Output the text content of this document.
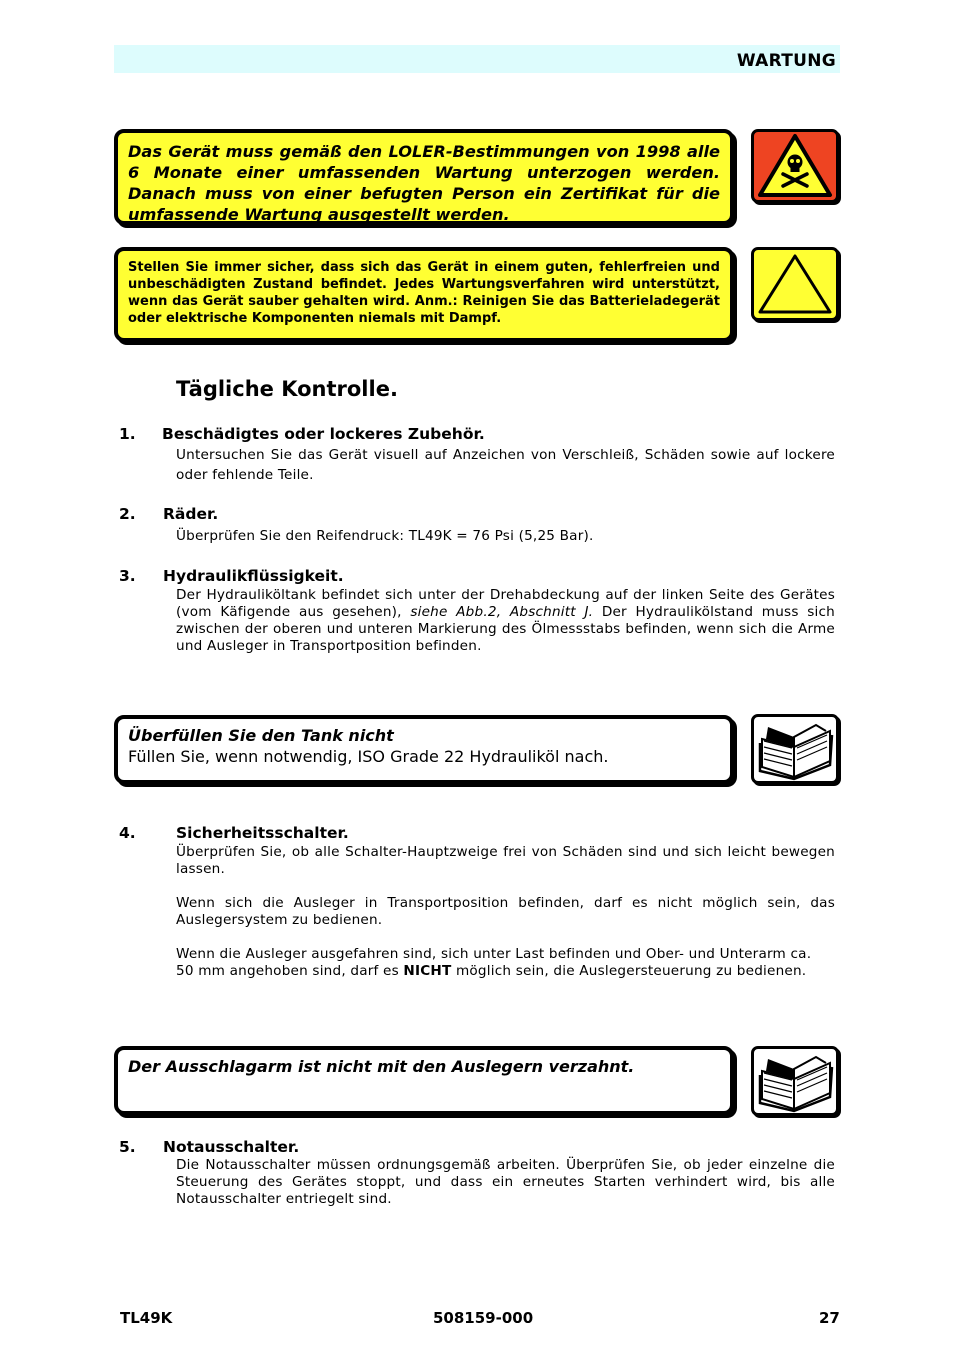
WARTUNG

Das Gerät muss gemäß den LOLER-Bestimmungen von 1998 alle 6 Monate einer umfassenden Wartung unterzogen werden. Danach muss von einer befugten Person ein Zertifikat für die umfassende Wartung ausgestellt werden.

Stellen Sie immer sicher, dass sich das Gerät in einem guten, fehlerfreien und unbeschädigten Zustand befindet. Jedes Wartungsverfahren wird unterstützt, wenn das Gerät sauber gehalten wird. Anm.: Reinigen Sie das Batterieladegerät oder elektrische Komponenten niemals mit Dampf.

Tägliche Kontrolle.
1. Beschädigtes oder lockeres Zubehör.
Untersuchen Sie das Gerät visuell auf Anzeichen von Verschleiß, Schäden sowie auf lockere oder fehlende Teile.
2. Räder.
Überprüfen Sie den Reifendruck: TL49K = 76 Psi (5,25 Bar).
3. Hydraulikflüssigkeit.
Der Hydrauliköltank befindet sich unter der Drehabdeckung auf der linken Seite des Gerätes (vom Käfigende aus gesehen), siehe Abb.2, Abschnitt J. Der Hydraulikölstand muss sich zwischen der oberen und unteren Markierung des Ölmessstabs befinden, wenn sich die Arme und Ausleger in Transportposition befinden.
Überfüllen Sie den Tank nicht
Füllen Sie, wenn notwendig, ISO Grade 22 Hydrauliköl nach.
4.	Sicherheitsschalter.
Überprüfen Sie, ob alle Schalter-Hauptzweige frei von Schäden sind und sich leicht bewegen lassen.
Wenn sich die Ausleger in Transportposition befinden, darf es nicht möglich sein, das Auslegersystem zu bedienen.
Wenn die Ausleger ausgefahren sind, sich unter Last befinden und Ober- und Unterarm ca.
50 mm angehoben sind, darf es NICHT möglich sein, die Auslegersteuerung zu bedienen.
Der Ausschlagarm ist nicht mit den Auslegern verzahnt.
5. Notausschalter.
Die Notausschalter müssen ordnungsgemäß arbeiten. Überprüfen Sie, ob jeder einzelne die Steuerung des Gerätes stoppt, und dass ein erneutes Starten verhindert wird, bis alle Notausschalter entriegelt sind.
TL49K	508159-000	27
